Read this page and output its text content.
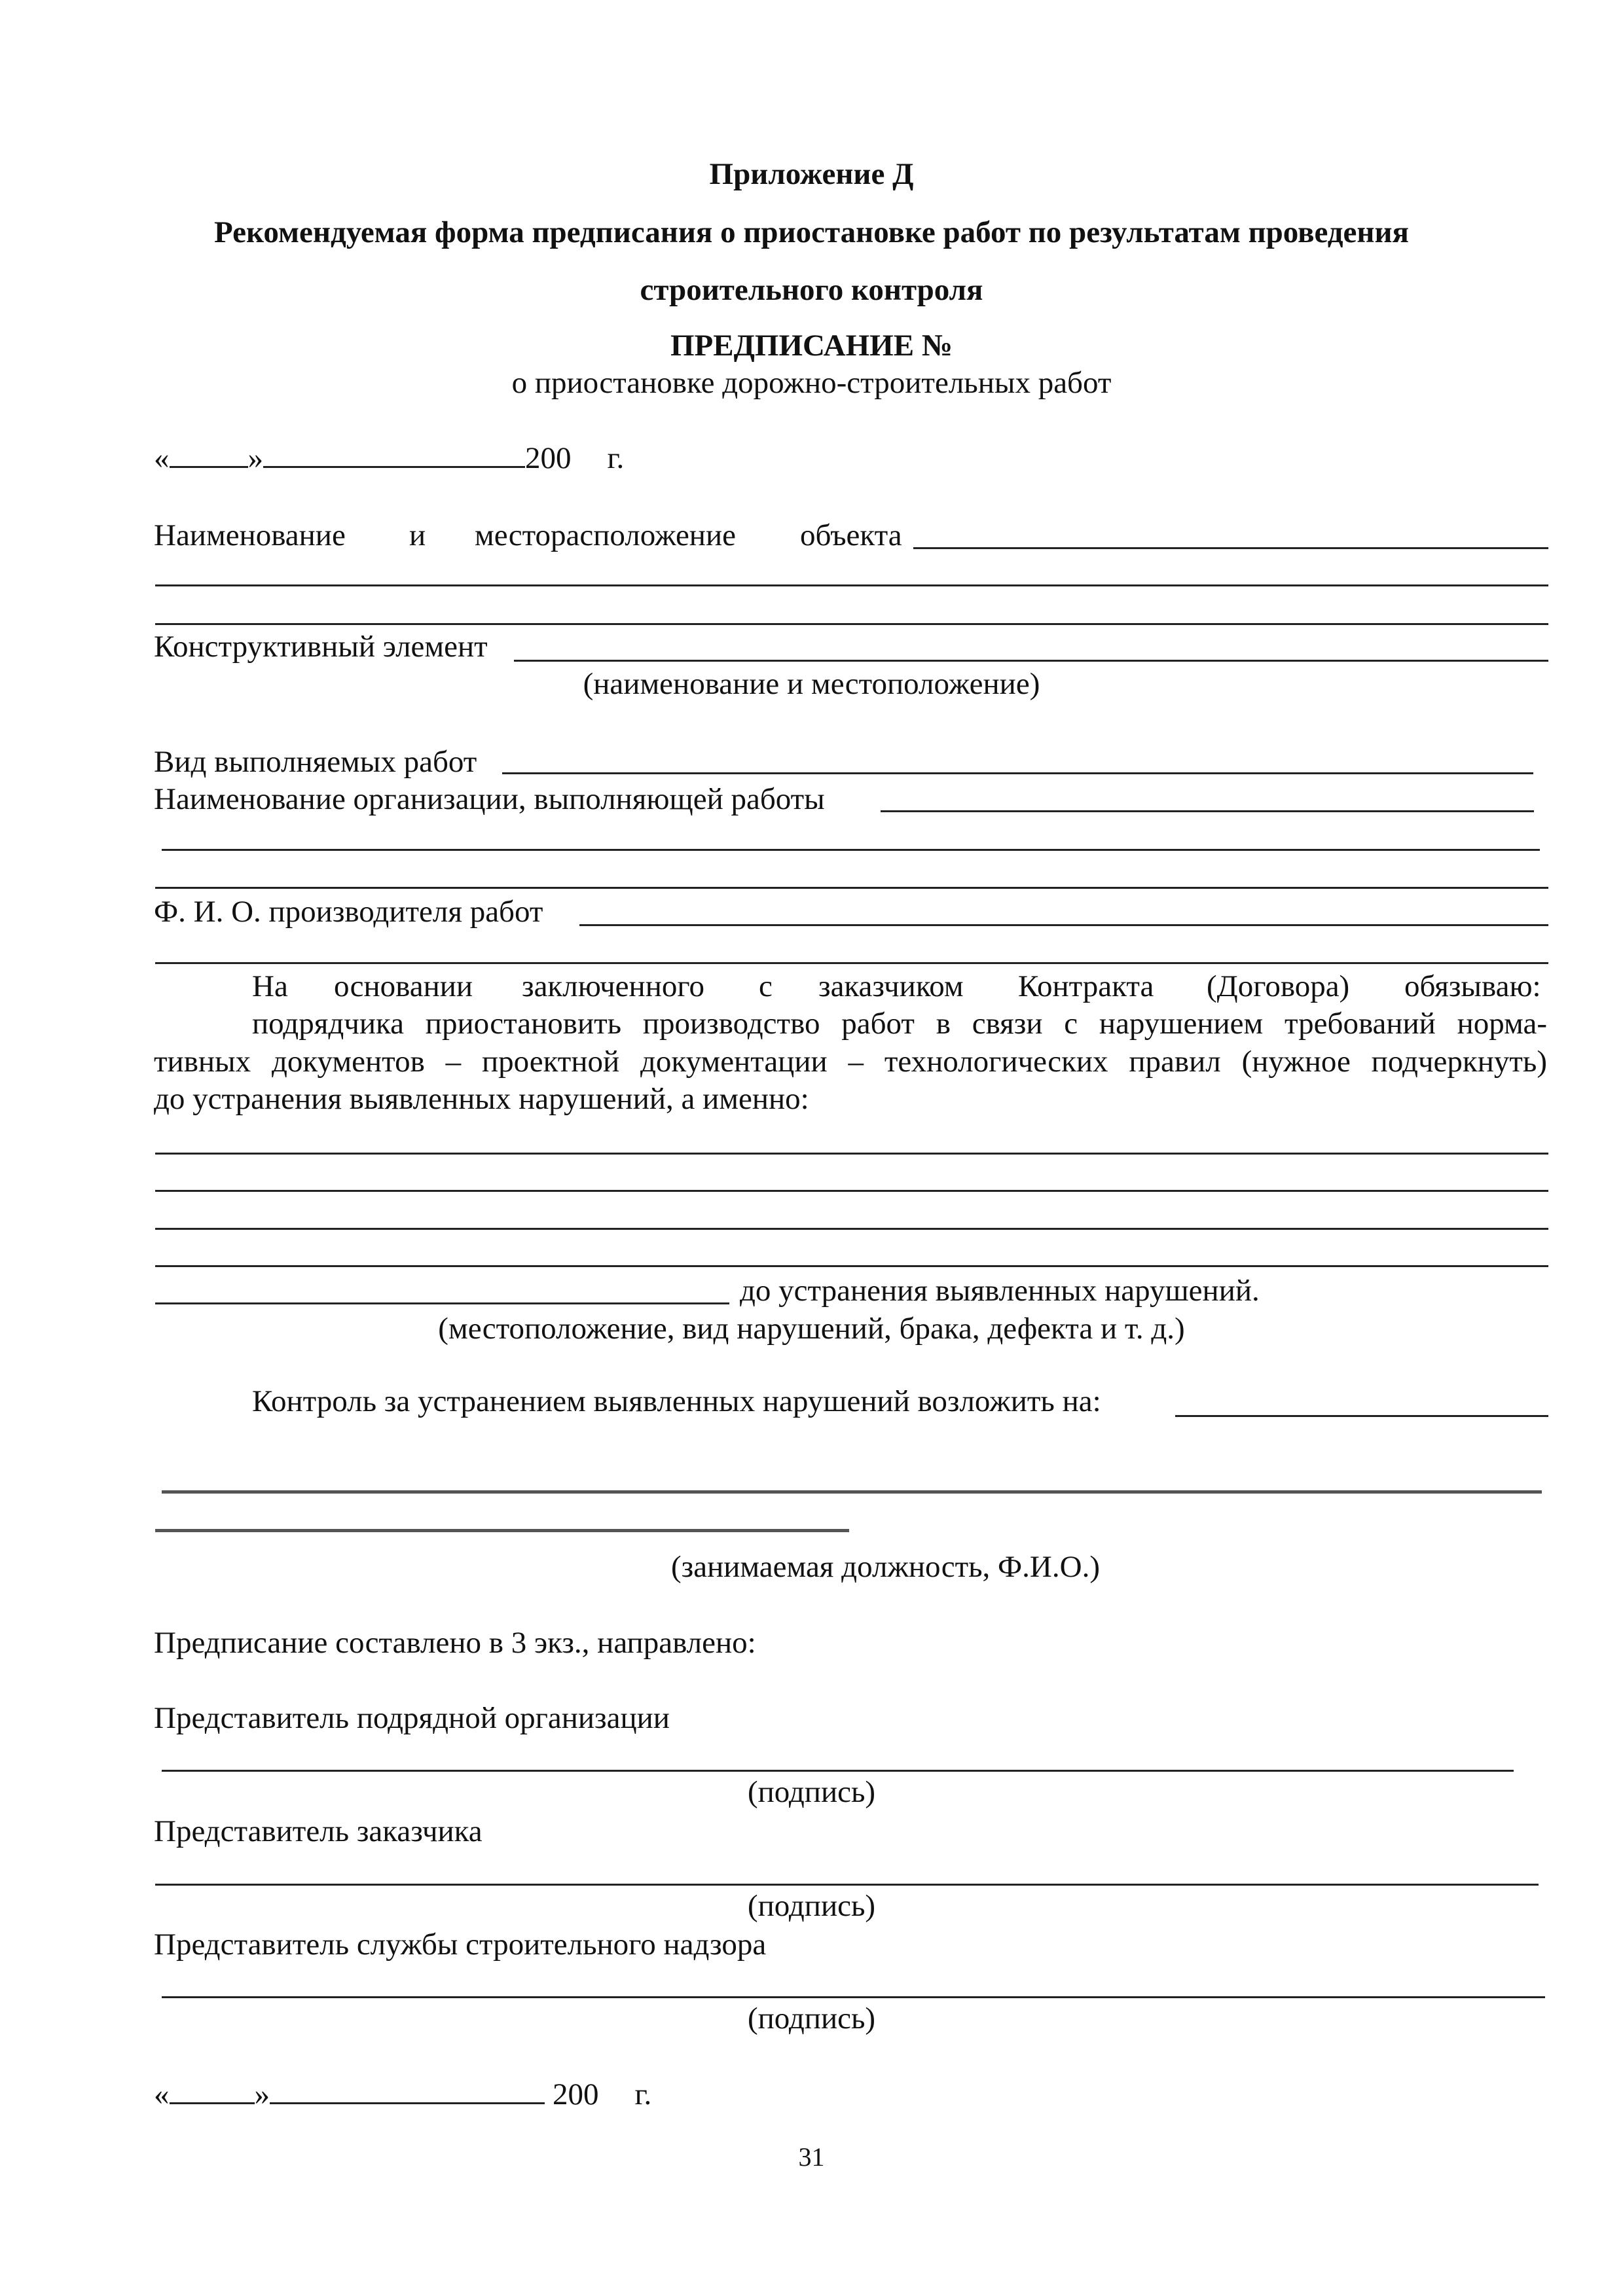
Приложение Д
Рекомендуемая форма предписания о приостановке работ по результатам проведения
строительного контроля
ПРЕДПИСАНИЕ №
о приостановке дорожно-строительных работ
«	»	200 г.
Наименование и месторасположение объекта
Конструктивный элемент
(наименование и местоположение)
Вид выполняемых работ
Наименование организации, выполняющей работы
Ф. И. О. производителя работ
На основании заключенного с заказчиком Контракта (Договора) обязываю:
подрядчика приостановить производство работ в связи с нарушением требований норма-
тивных документов – проектной документации – технологических правил (нужное подчеркнуть)
до устранения выявленных нарушений, а именно:
до устранения выявленных нарушений.
(местоположение, вид нарушений, брака, дефекта и т. д.)
Контроль за устранением выявленных нарушений возложить на:
(занимаемая должность, Ф.И.О.)
Предписание составлено в 3 экз., направлено:
Представитель подрядной организации
(подпись)
Представитель заказчика
(подпись)
Представитель службы строительного надзора
(подпись)
«	»	200 г.
31
